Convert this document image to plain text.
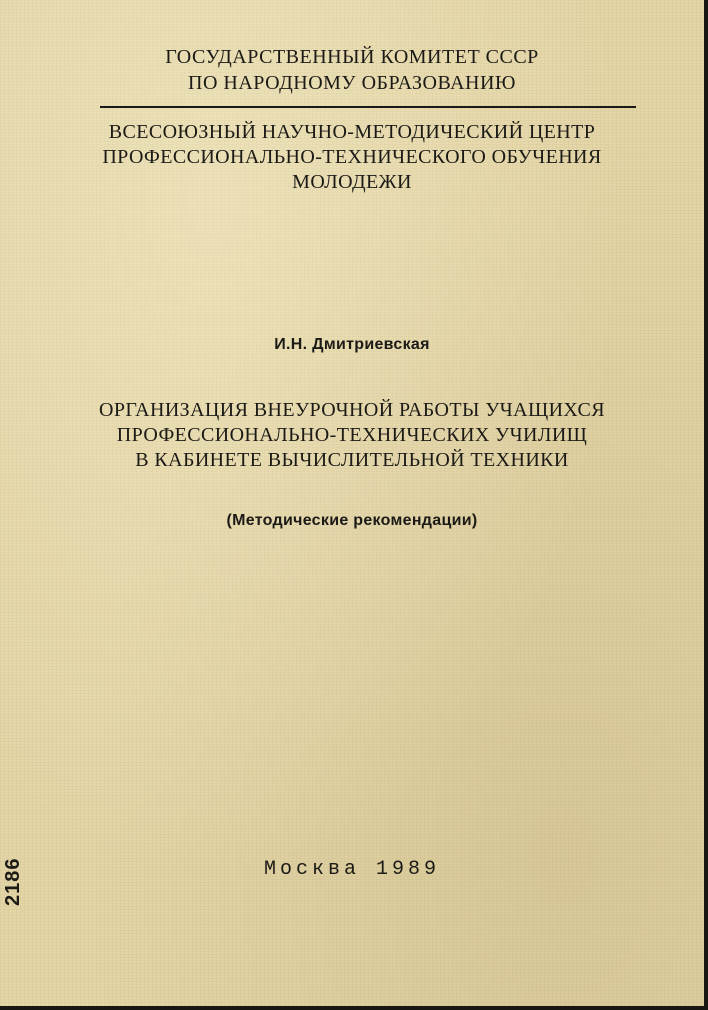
ГОСУДАРСТВЕННЫЙ КОМИТЕТ СССР
ПО НАРОДНОМУ ОБРАЗОВАНИЮ
ВСЕСОЮЗНЫЙ НАУЧНО-МЕТОДИЧЕСКИЙ ЦЕНТР
ПРОФЕССИОНАЛЬНО-ТЕХНИЧЕСКОГО ОБУЧЕНИЯ
МОЛОДЕЖИ
И.Н. Дмитриевская
ОРГАНИЗАЦИЯ ВНЕУРОЧНОЙ РАБОТЫ УЧАЩИХСЯ
ПРОФЕССИОНАЛЬНО-ТЕХНИЧЕСКИХ УЧИЛИЩ
В КАБИНЕТЕ ВЫЧИСЛИТЕЛЬНОЙ ТЕХНИКИ
(Методические рекомендации)
Москва 1989
2186
